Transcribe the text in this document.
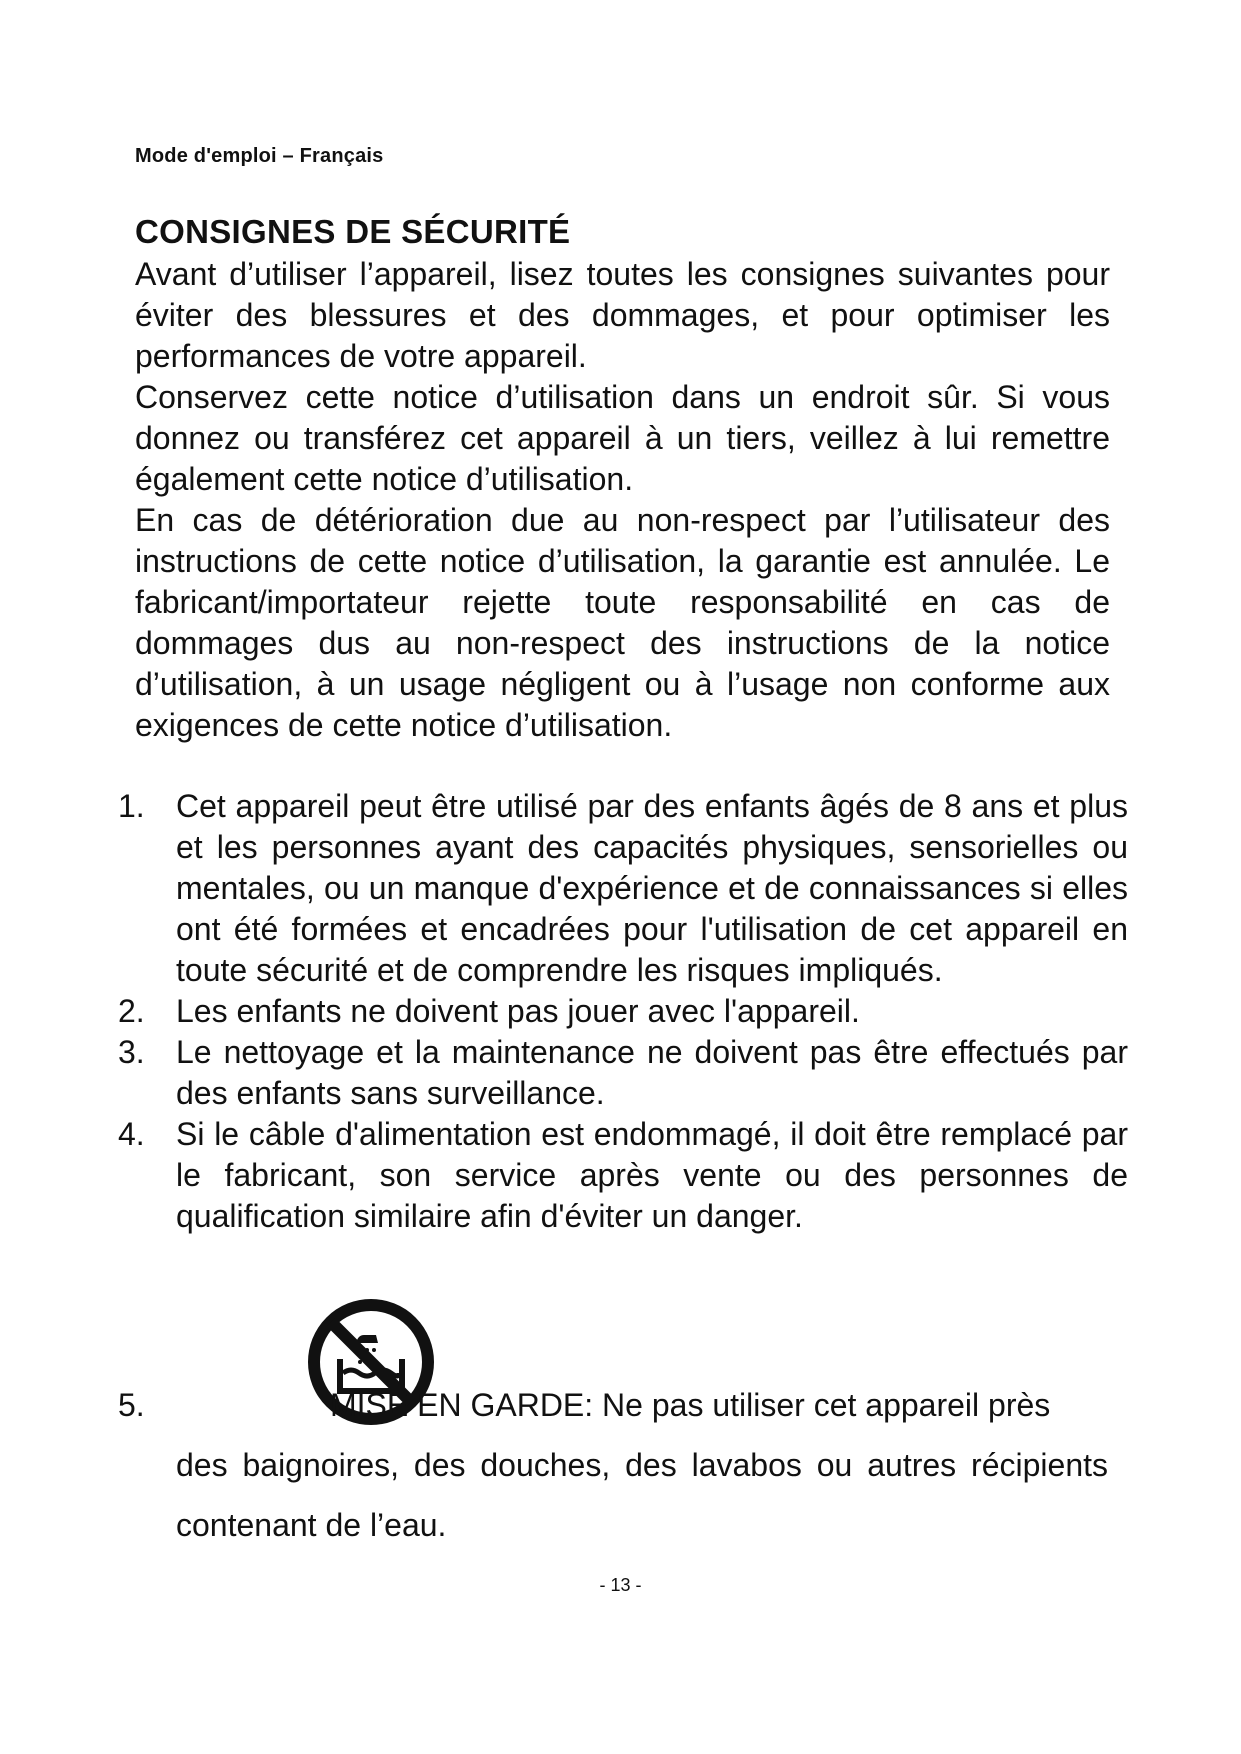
Mode d'emploi – Français
CONSIGNES DE SÉCURITÉ

Avant d’utiliser l’appareil, lisez toutes les consignes suivantes pour éviter des blessures et des dommages, et pour optimiser les performances de votre appareil.

Conservez cette notice d’utilisation dans un endroit sûr. Si vous donnez ou transférez cet appareil à un tiers, veillez à lui remettre également cette notice d’utilisation.

En cas de détérioration due au non-respect par l’utilisateur des instructions de cette notice d’utilisation, la garantie est annulée. Le fabricant/importateur rejette toute responsabilité en cas de dommages dus au non-respect des instructions de la notice d’utilisation, à un usage négligent ou à l’usage non conforme aux exigences de cette notice d’utilisation.

1. Cet appareil peut être utilisé par des enfants âgés de 8 ans et plus et les personnes ayant des capacités physiques, sensorielles ou mentales, ou un manque d'expérience et de connaissances si elles ont été formées et encadrées pour l'utilisation de cet appareil en toute sécurité et de comprendre les risques impliqués.
2. Les enfants ne doivent pas jouer avec l'appareil.
3. Le nettoyage et la maintenance ne doivent pas être effectués par des enfants sans surveillance.
4. Si le câble d'alimentation est endommagé, il doit être remplacé par le fabricant, son service après vente ou des personnes de qualification similaire afin d'éviter un danger.
5.	MISE EN GARDE: Ne pas utiliser cet appareil près
des baignoires, des douches, des lavabos ou autres récipients contenant de l’eau.
- 13 -
